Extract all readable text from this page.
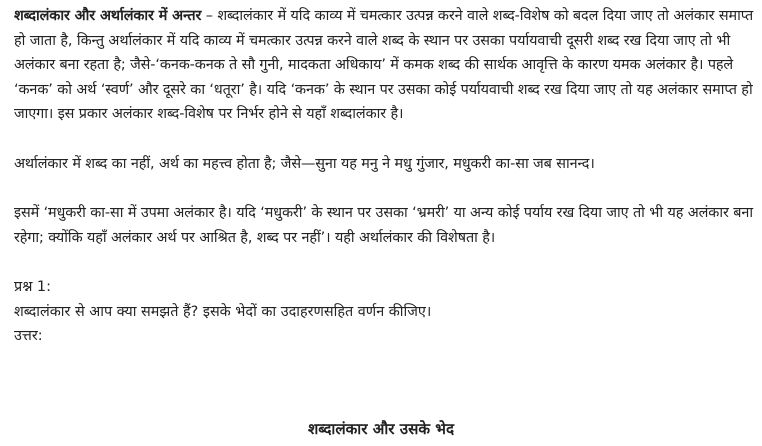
शब्दालंकार और अर्थालंकार में अन्तर – शब्दालंकार में यदि काव्य में चमत्कार उत्पन्न करने वाले शब्द-विशेष को बदल दिया जाए तो अलंकार समाप्त हो जाता है, किन्तु अर्थालंकार में यदि काव्य में चमत्कार उत्पन्न करने वाले शब्द के स्थान पर उसका पर्यायवाची दूसरी शब्द रख दिया जाए तो भी अलंकार बना रहता है; जैसे-‘कनक-कनक ते सौ गुनी, मादकता अधिकाय’ में कमक शब्द की सार्थक आवृत्ति के कारण यमक अलंकार है। पहले ‘कनक’ को अर्थ ‘स्वर्ण’ और दूसरे का ‘धतूरा’ है। यदि ‘कनक’ के स्थान पर उसका कोई पर्यायवाची शब्द रख दिया जाए तो यह अलंकार समाप्त हो जाएगा। इस प्रकार अलंकार शब्द-विशेष पर निर्भर होने से यहाँ शब्दालंकार है।

अर्थालंकार में शब्द का नहीं, अर्थ का महत्त्व होता है; जैसे—सुना यह मनु ने मधु गुंजार, मधुकरी का-सा जब सानन्द।

इसमें ‘मधुकरी का-सा में उपमा अलंकार है। यदि ‘मधुकरी’ के स्थान पर उसका ‘भ्रमरी’ या अन्य कोई पर्याय रख दिया जाए तो भी यह अलंकार बना रहेगा; क्योंकि यहाँ अलंकार अर्थ पर आश्रित है, शब्द पर नहीं’। यही अर्थालंकार की विशेषता है।

प्रश्न 1:
शब्दालंकार से आप क्या समझते हैं? इसके भेदों का उदाहरणसहित वर्णन कीजिए।
उत्तर:
शब्दालंकार और उसके भेद
